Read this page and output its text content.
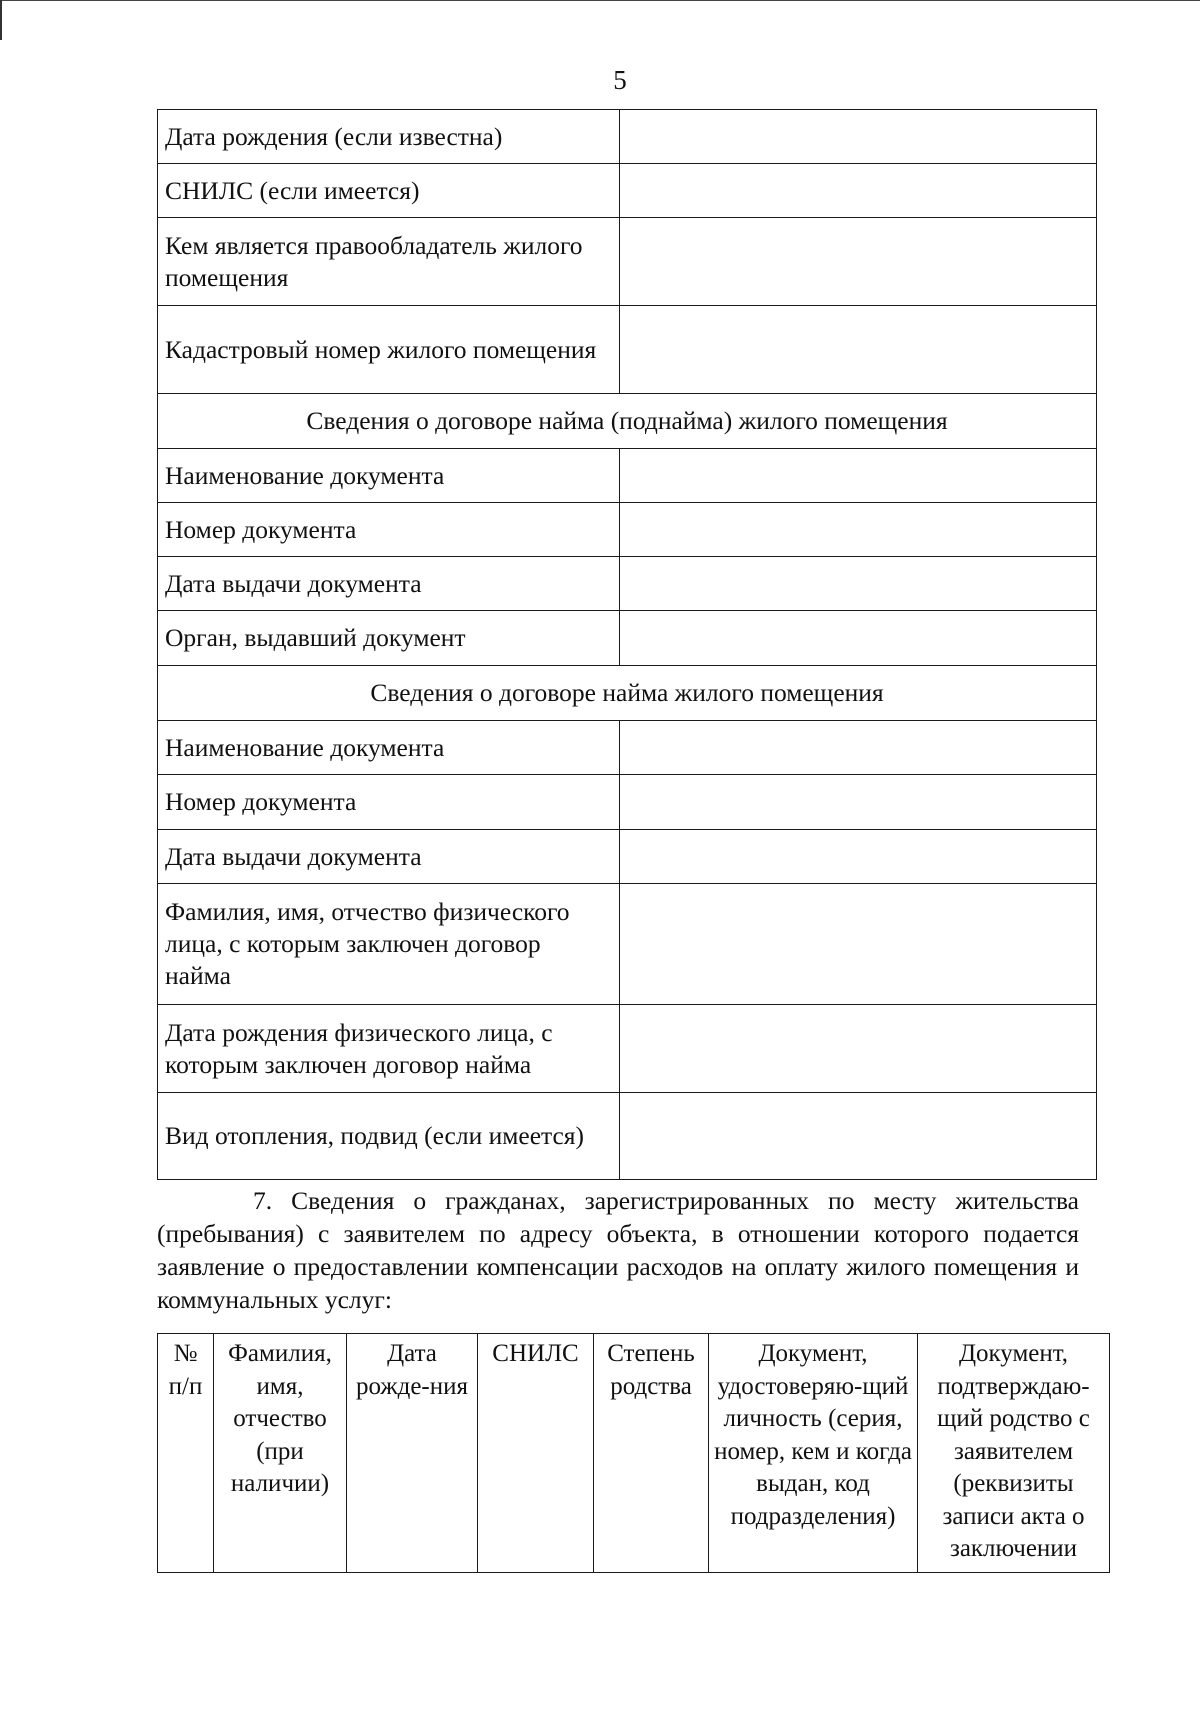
5
Дата рождения (если известна)	
СНИЛС (если имеется)	
Кем является правообладатель жилого помещения	
Кадастровый номер жилого помещения	
Сведения о договоре найма (поднайма) жилого помещения	
Наименование документа	
Номер документа	
Дата выдачи документа	
Орган, выдавший документ	
Сведения о договоре найма жилого помещения	
Наименование документа	
Номер документа	
Дата выдачи документа	
Фамилия, имя, отчество физического лица, с которым заключен договор найма	
Дата рождения физического лица, с которым заключен договор найма	
Вид отопления, подвид (если имеется)	
7. Сведения о гражданах, зарегистрированных по месту жительства (пребывания) с заявителем по адресу объекта, в отношении которого подается заявление о предоставлении компенсации расходов на оплату жилого помещения и коммунальных услуг:
№ п/п	Фамилия, имя, отчество (при наличии)	Дата рожде-ния	СНИЛС	Степень родства	Документ, удостоверяю-щий личность (серия, номер, кем и когда выдан, код подразделения)	Документ, подтверждаю-щий родство с заявителем (реквизиты записи акта о заключении
